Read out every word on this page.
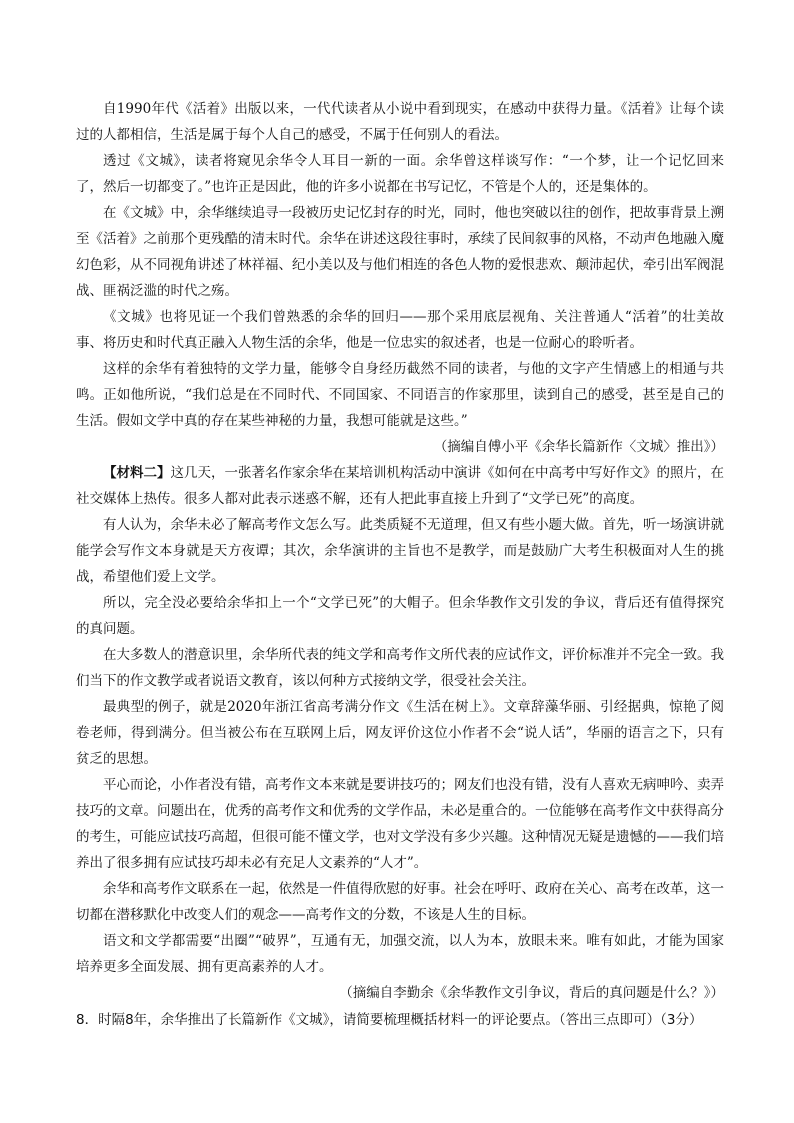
自1990年代《活着》出版以来，一代代读者从小说中看到现实，在感动中获得力量。《活着》让每个读过的人都相信，生活是属于每个人自己的感受，不属于任何别人的看法。

透过《文城》，读者将窥见余华令人耳目一新的一面。余华曾这样谈写作：“一个梦，让一个记忆回来了，然后一切都变了。”也许正是因此，他的许多小说都在书写记忆，不管是个人的，还是集体的。

在《文城》中，余华继续追寻一段被历史记忆封存的时光，同时，他也突破以往的创作，把故事背景上溯至《活着》之前那个更残酷的清末时代。余华在讲述这段往事时，承续了民间叙事的风格，不动声色地融入魔幻色彩，从不同视角讲述了林祥福、纪小美以及与他们相连的各色人物的爱恨悲欢、颠沛起伏，牵引出军阀混战、匪祸泛滥的时代之殇。

《文城》也将见证一个我们曾熟悉的余华的回归——那个采用底层视角、关注普通人“活着”的壮美故事、将历史和时代真正融入人物生活的余华，他是一位忠实的叙述者，也是一位耐心的聆听者。

这样的余华有着独特的文学力量，能够令自身经历截然不同的读者，与他的文字产生情感上的相通与共鸣。正如他所说，“我们总是在不同时代、不同国家、不同语言的作家那里，读到自己的感受，甚至是自己的生活。假如文学中真的存在某些神秘的力量，我想可能就是这些。”

（摘编自傅小平《余华长篇新作〈文城〉推出》）

【材料二】这几天，一张著名作家余华在某培训机构活动中演讲《如何在中高考中写好作文》的照片，在社交媒体上热传。很多人都对此表示迷惑不解，还有人把此事直接上升到了“文学已死”的高度。

有人认为，余华未必了解高考作文怎么写。此类质疑不无道理，但又有些小题大做。首先，听一场演讲就能学会写作文本身就是天方夜谭；其次，余华演讲的主旨也不是教学，而是鼓励广大考生积极面对人生的挑战，希望他们爱上文学。

所以，完全没必要给余华扣上一个“文学已死”的大帽子。但余华教作文引发的争议，背后还有值得探究的真问题。

在大多数人的潜意识里，余华所代表的纯文学和高考作文所代表的应试作文，评价标准并不完全一致。我们当下的作文教学或者说语文教育，该以何种方式接纳文学，很受社会关注。

最典型的例子，就是2020年浙江省高考满分作文《生活在树上》。文章辞藻华丽、引经据典，惊艳了阅卷老师，得到满分。但当被公布在互联网上后，网友评价这位小作者不会“说人话”，华丽的语言之下，只有贫乏的思想。

平心而论，小作者没有错，高考作文本来就是要讲技巧的；网友们也没有错，没有人喜欢无病呻吟、卖弄技巧的文章。问题出在，优秀的高考作文和优秀的文学作品，未必是重合的。一位能够在高考作文中获得高分的考生，可能应试技巧高超，但很可能不懂文学，也对文学没有多少兴趣。这种情况无疑是遗憾的——我们培养出了很多拥有应试技巧却未必有充足人文素养的“人才”。

余华和高考作文联系在一起，依然是一件值得欣慰的好事。社会在呼吁、政府在关心、高考在改革，这一切都在潜移默化中改变人们的观念——高考作文的分数，不该是人生的目标。

语文和文学都需要“出圈”“破界”，互通有无，加强交流，以人为本，放眼未来。唯有如此，才能为国家培养更多全面发展、拥有更高素养的人才。

（摘编自李勤余《余华教作文引争议，背后的真问题是什么？》）

8．时隔8年，余华推出了长篇新作《文城》，请简要梳理概括材料一的评论要点。（答出三点即可）（3分）
